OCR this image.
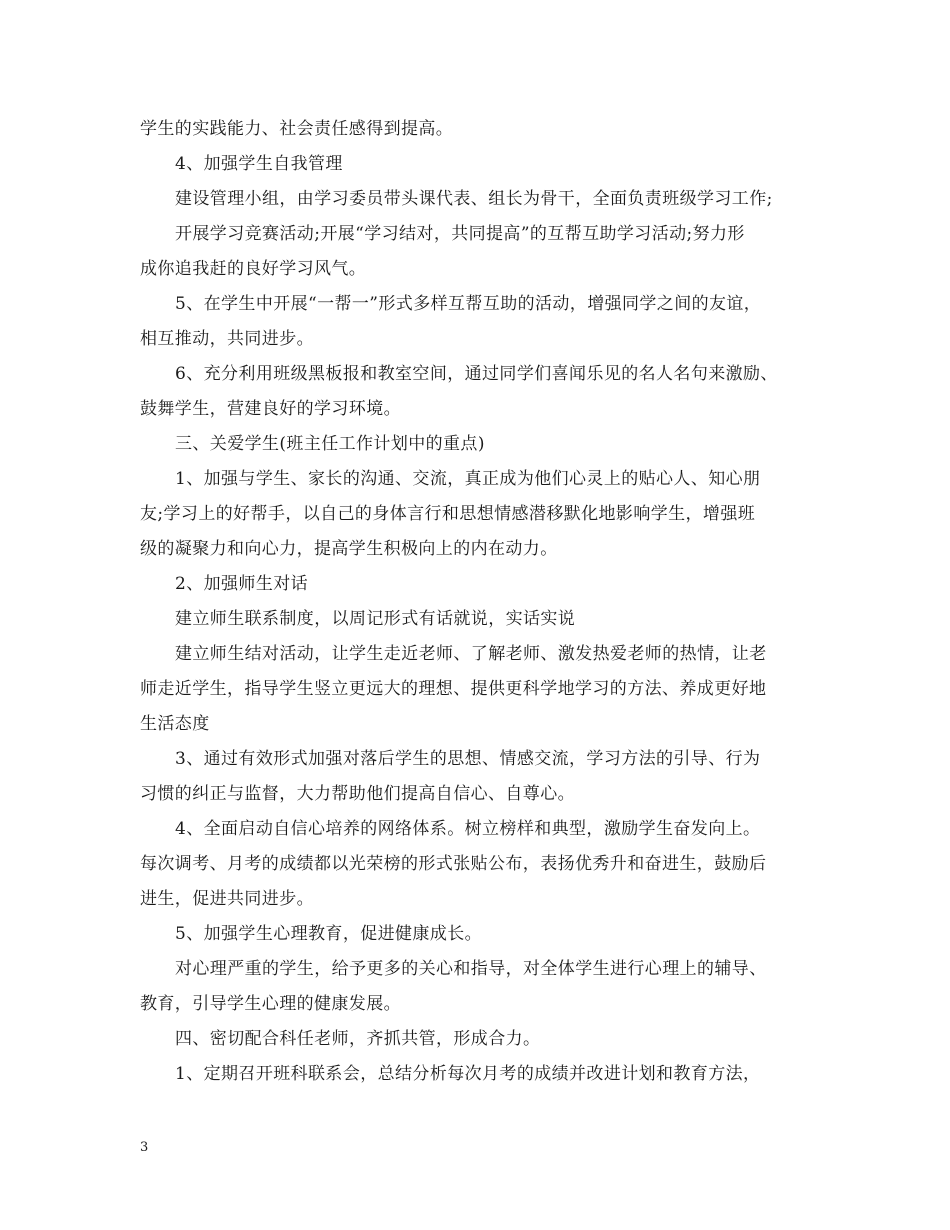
学生的实践能力、社会责任感得到提高。
4、加强学生自我管理
建设管理小组，由学习委员带头课代表、组长为骨干，全面负责班级学习工作;
开展学习竞赛活动;开展“学习结对，共同提高”的互帮互助学习活动;努力形
成你追我赶的良好学习风气。
5、在学生中开展“一帮一”形式多样互帮互助的活动，增强同学之间的友谊，
相互推动，共同进步。
6、充分利用班级黑板报和教室空间，通过同学们喜闻乐见的名人名句来激励、
鼓舞学生，营建良好的学习环境。
三、关爱学生(班主任工作计划中的重点)
1、加强与学生、家长的沟通、交流，真正成为他们心灵上的贴心人、知心朋
友;学习上的好帮手，以自己的身体言行和思想情感潜移默化地影响学生，增强班
级的凝聚力和向心力，提高学生积极向上的内在动力。
2、加强师生对话
建立师生联系制度，以周记形式有话就说，实话实说
建立师生结对活动，让学生走近老师、了解老师、激发热爱老师的热情，让老
师走近学生，指导学生竖立更远大的理想、提供更科学地学习的方法、养成更好地
生活态度
3、通过有效形式加强对落后学生的思想、情感交流，学习方法的引导、行为
习惯的纠正与监督，大力帮助他们提高自信心、自尊心。
4、全面启动自信心培养的网络体系。树立榜样和典型，激励学生奋发向上。
每次调考、月考的成绩都以光荣榜的形式张贴公布，表扬优秀升和奋进生，鼓励后
进生，促进共同进步。
5、加强学生心理教育，促进健康成长。
对心理严重的学生，给予更多的关心和指导，对全体学生进行心理上的辅导、
教育，引导学生心理的健康发展。
四、密切配合科任老师，齐抓共管，形成合力。
1、定期召开班科联系会，总结分析每次月考的成绩并改进计划和教育方法，
3
